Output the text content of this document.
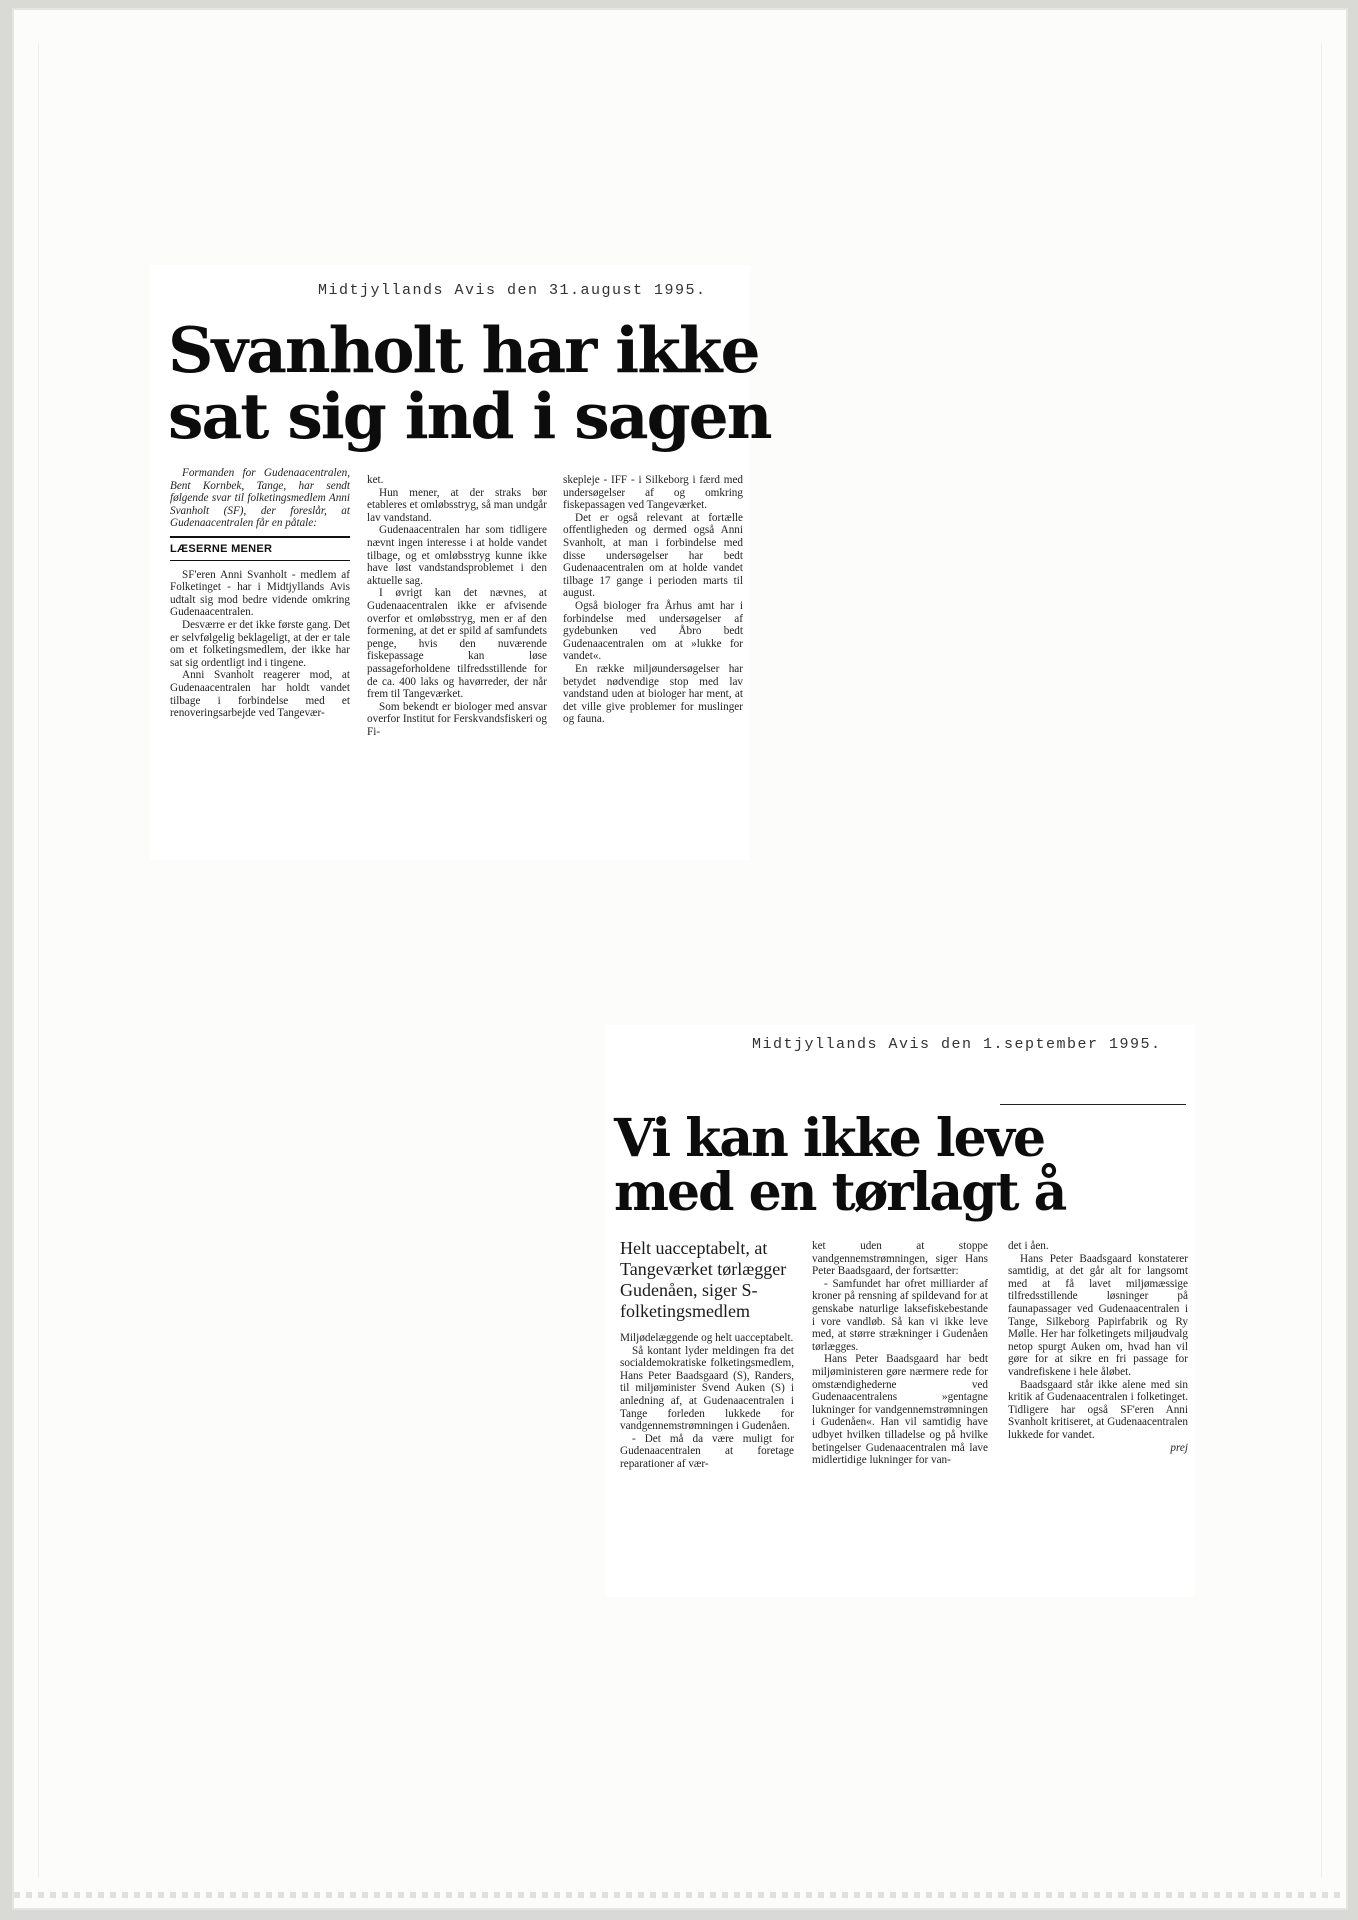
Midtjyllands Avis den 31.august 1995.
Svanholt har ikke
sat sig ind i sagen

Formanden for Gudenaacentralen, Bent Kornbek, Tange, har sendt følgende svar til folketingsmedlem Anni Svanholt (SF), der foreslår, at Gudenaacentralen får en påtale:

LÆSERNE MENER

SF'eren Anni Svanholt - medlem af Folketinget - har i Midtjyllands Avis udtalt sig mod bedre vidende omkring Gudenaacentralen.

Desværre er det ikke første gang. Det er selvfølgelig beklageligt, at der er tale om et folketingsmedlem, der ikke har sat sig ordentligt ind i tingene.

Anni Svanholt reagerer mod, at Gudenaacentralen har holdt vandet tilbage i forbindelse med et renoveringsarbejde ved Tangevær-

ket.

Hun mener, at der straks bør etableres et omløbsstryg, så man undgår lav vandstand.

Gudenaacentralen har som tidligere nævnt ingen interesse i at holde vandet tilbage, og et omløbsstryg kunne ikke have løst vandstandsproblemet i den aktuelle sag.

I øvrigt kan det nævnes, at Gudenaacentralen ikke er afvisende overfor et omløbsstryg, men er af den formening, at det er spild af samfundets penge, hvis den nuværende fiskepassage kan løse passageforholdene tilfredsstillende for de ca. 400 laks og havørreder, der når frem til Tangeværket.

Som bekendt er biologer med ansvar overfor Institut for Ferskvandsfiskeri og Fi-

skepleje - IFF - i Silkeborg i færd med undersøgelser af og omkring fiskepassagen ved Tangeværket.

Det er også relevant at fortælle offentligheden og dermed også Anni Svanholt, at man i forbindelse med disse undersøgelser har bedt Gudenaacentralen om at holde vandet tilbage 17 gange i perioden marts til august.

Også biologer fra Århus amt har i forbindelse med undersøgelser af gydebunken ved Åbro bedt Gudenaacentralen om at »lukke for vandet«.

En række miljøundersøgelser har betydet nødvendige stop med lav vandstand uden at biologer har ment, at det ville give problemer for muslinger og fauna.

Midtjyllands Avis den 1.september 1995.
Vi kan ikke leve
med en tørlagt å
Helt uacceptabelt, at Tangeværket tørlægger Gudenåen, siger S-folketingsmedlem

Miljødelæggende og helt uacceptabelt.

Så kontant lyder meldingen fra det socialdemokratiske folketingsmedlem, Hans Peter Baadsgaard (S), Randers, til miljøminister Svend Auken (S) i anledning af, at Gudenaacentralen i Tange forleden lukkede for vandgennemstrømningen i Gudenåen.

- Det må da være muligt for Gudenaacentralen at foretage reparationer af vær-

ket uden at stoppe vandgennemstrømningen, siger Hans Peter Baadsgaard, der fortsætter:

- Samfundet har ofret milliarder af kroner på rensning af spildevand for at genskabe naturlige laksefiskebestande i vore vandløb. Så kan vi ikke leve med, at større strækninger i Gudenåen tørlægges.

Hans Peter Baadsgaard har bedt miljøministeren gøre nærmere rede for omstændighederne ved Gudenaacentralens »gentagne lukninger for vandgennemstrømningen i Gudenåen«. Han vil samtidig have udbyet hvilken tilladelse og på hvilke betingelser Gudenaacentralen må lave midlertidige lukninger for van-

det i åen.

Hans Peter Baadsgaard konstaterer samtidig, at det går alt for langsomt med at få lavet miljømæssige tilfredsstillende løsninger på faunapassager ved Gudenaacentralen i Tange, Silkeborg Papirfabrik og Ry Mølle. Her har folketingets miljøudvalg netop spurgt Auken om, hvad han vil gøre for at sikre en fri passage for vandrefiskene i hele åløbet.

Baadsgaard står ikke alene med sin kritik af Gudenaacentralen i folketinget. Tidligere har også SF'eren Anni Svanholt kritiseret, at Gudenaacentralen lukkede for vandet.

prej
